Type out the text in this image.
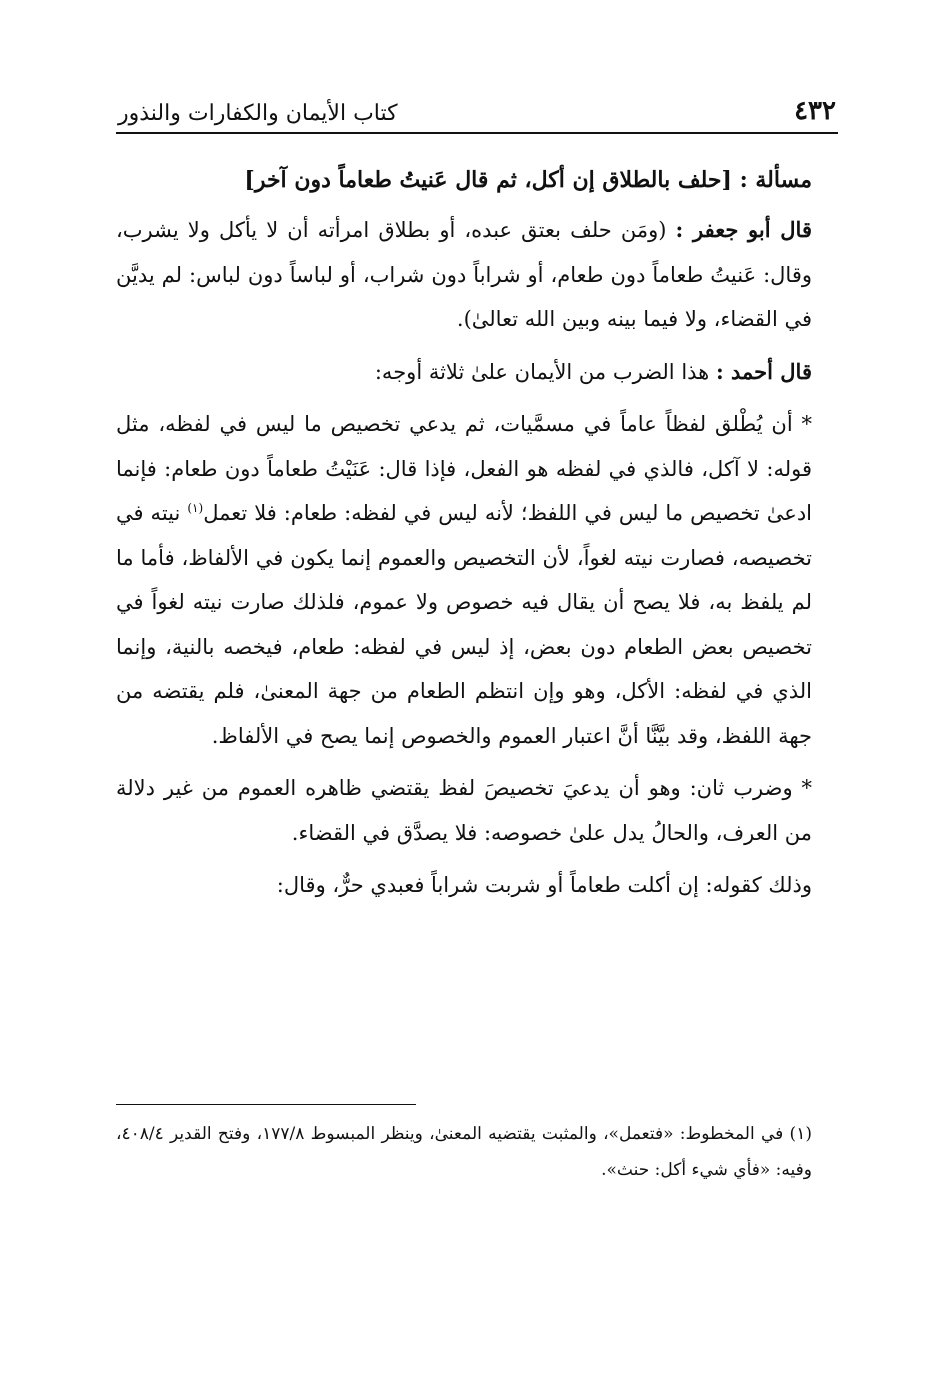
٤٣٢
كتاب الأيمان والكفارات والنذور
مسألة : [حلف بالطلاق إن أكل، ثم قال عَنيتُ طعاماً دون آخر]

قال أبو جعفر : (ومَن حلف بعتق عبده، أو بطلاق امرأته أن لا يأكل ولا يشرب، وقال: عَنيتُ طعاماً دون طعام، أو شراباً دون شراب، أو لباساً دون لباس: لم يديَّن في القضاء، ولا فيما بينه وبين الله تعالىٰ).

قال أحمد : هذا الضرب من الأيمان علىٰ ثلاثة أوجه:

* أن يُطْلق لفظاً عاماً في مسمَّيات، ثم يدعي تخصيص ما ليس في لفظه، مثل قوله: لا آكل، فالذي في لفظه هو الفعل، فإذا قال: عَنَيْتُ طعاماً دون طعام: فإنما ادعىٰ تخصيص ما ليس في اللفظ؛ لأنه ليس في لفظه: طعام: فلا تعمل$^{(١)}$ نيته في تخصيصه، فصارت نيته لغواً، لأن التخصيص والعموم إنما يكون في الألفاظ، فأما ما لم يلفظ به، فلا يصح أن يقال فيه خصوص ولا عموم، فلذلك صارت نيته لغواً في تخصيص بعض الطعام دون بعض، إذ ليس في لفظه: طعام، فيخصه بالنية، وإنما الذي في لفظه: الأكل، وهو وإن انتظم الطعام من جهة المعنىٰ، فلم يقتضه من جهة اللفظ، وقد بيَّنَّا أنَّ اعتبار العموم والخصوص إنما يصح في الألفاظ.

* وضرب ثان: وهو أن يدعيَ تخصيصَ لفظ يقتضي ظاهره العموم من غير دلالة من العرف، والحالُ يدل علىٰ خصوصه: فلا يصدَّق في القضاء.

وذلك كقوله: إن أكلت طعاماً أو شربت شراباً فعبدي حرٌّ، وقال:

(١) في المخطوط: «فتعمل»، والمثبت يقتضيه المعنىٰ، وينظر المبسوط ١٧٧/٨، وفتح القدير ٤٠٨/٤، وفيه: «فأي شيء أكل: حنث».
